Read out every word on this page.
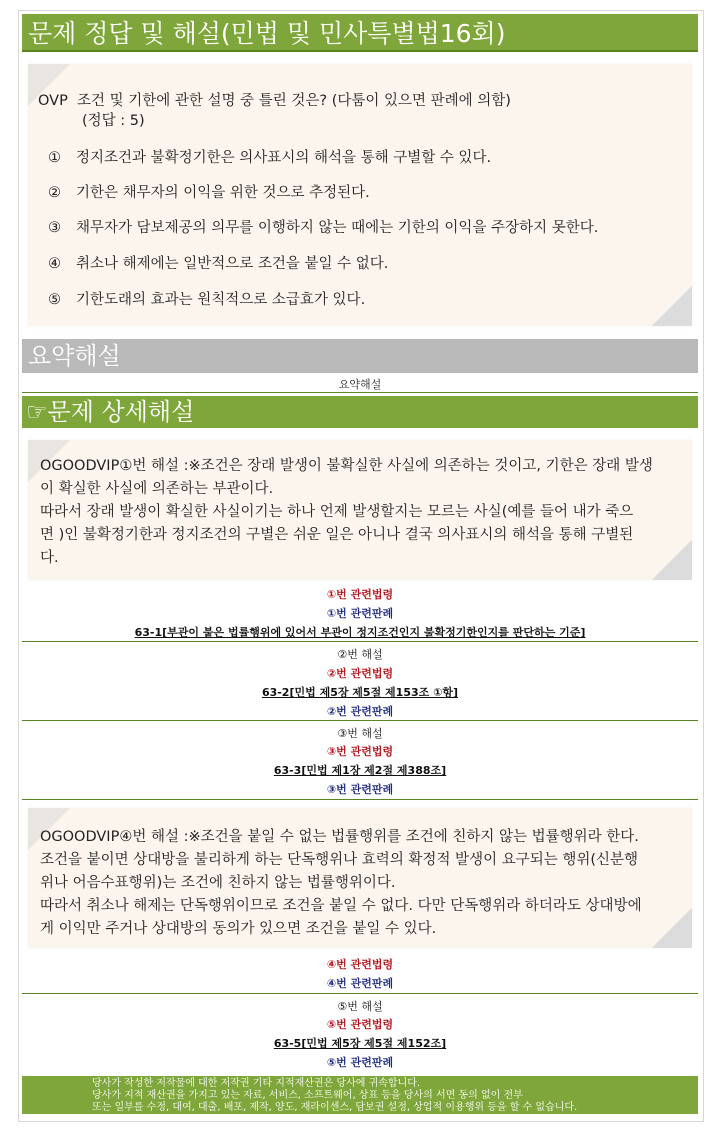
문제 정답 및 해설(민법 및 민사특별법16회)
OVP 조건 및 기한에 관한 설명 중 틀린 것은? (다툼이 있으면 판례에 의함)
(정답 : 5)
① 정지조건과 불확정기한은 의사표시의 해석을 통해 구별할 수 있다.
② 기한은 채무자의 이익을 위한 것으로 추정된다.
③ 채무자가 담보제공의 의무를 이행하지 않는 때에는 기한의 이익을 주장하지 못한다.
④ 취소나 해제에는 일반적으로 조건을 붙일 수 없다.
⑤ 기한도래의 효과는 원칙적으로 소급효가 있다.
요약해설
요약해설
☞문제 상세해설
OGOODVIP①번 해설 :※조건은 장래 발생이 불확실한 사실에 의존하는 것이고, 기한은 장래 발생
이 확실한 사실에 의존하는 부관이다.
따라서 장래 발생이 확실한 사실이기는 하나 언제 발생할지는 모르는 사실(예를 들어 내가 죽으
면 )인 불확정기한과 정지조건의 구별은 쉬운 일은 아니나 결국 의사표시의 해석을 통해 구별된
다.
①번 관련법령
①번 관련판례
63-1[부관이 붙은 법률행위에 있어서 부관이 정지조건인지 불확정기한인지를 판단하는 기준]
②번 해설
②번 관련법령
63-2[민법 제5장 제5절 제153조 ①항]
②번 관련판례
③번 해설
③번 관련법령
63-3[민법 제1장 제2절 제388조]
③번 관련판례
OGOODVIP④번 해설 :※조건을 붙일 수 없는 법률행위를 조건에 친하지 않는 법률행위라 한다.
조건을 붙이면 상대방을 불리하게 하는 단독행위나 효력의 확정적 발생이 요구되는 행위(신분행
위나 어음수표행위)는 조건에 친하지 않는 법률행위이다.
따라서 취소나 해제는 단독행위이므로 조건을 붙일 수 없다. 다만 단독행위라 하더라도 상대방에
게 이익만 주거나 상대방의 동의가 있으면 조건을 붙일 수 있다.
④번 관련법령
④번 관련판례
⑤번 해설
⑤번 관련법령
63-5[민법 제5장 제5절 제152조]
⑤번 관련판례
당사가 작성한 저작물에 대한 저작권 기타 지적재산권은 당사에 귀속합니다.
당사가 지적 재산권을 가지고 있는 자료, 서비스, 소프트웨어, 상표 등을 당사의 서면 동의 없이 전부
또는 일부를 수정, 대여, 대출, 배포, 제작, 양도, 재라이센스, 담보권 설정, 상업적 이용행위 등을 할 수 없습니다.
